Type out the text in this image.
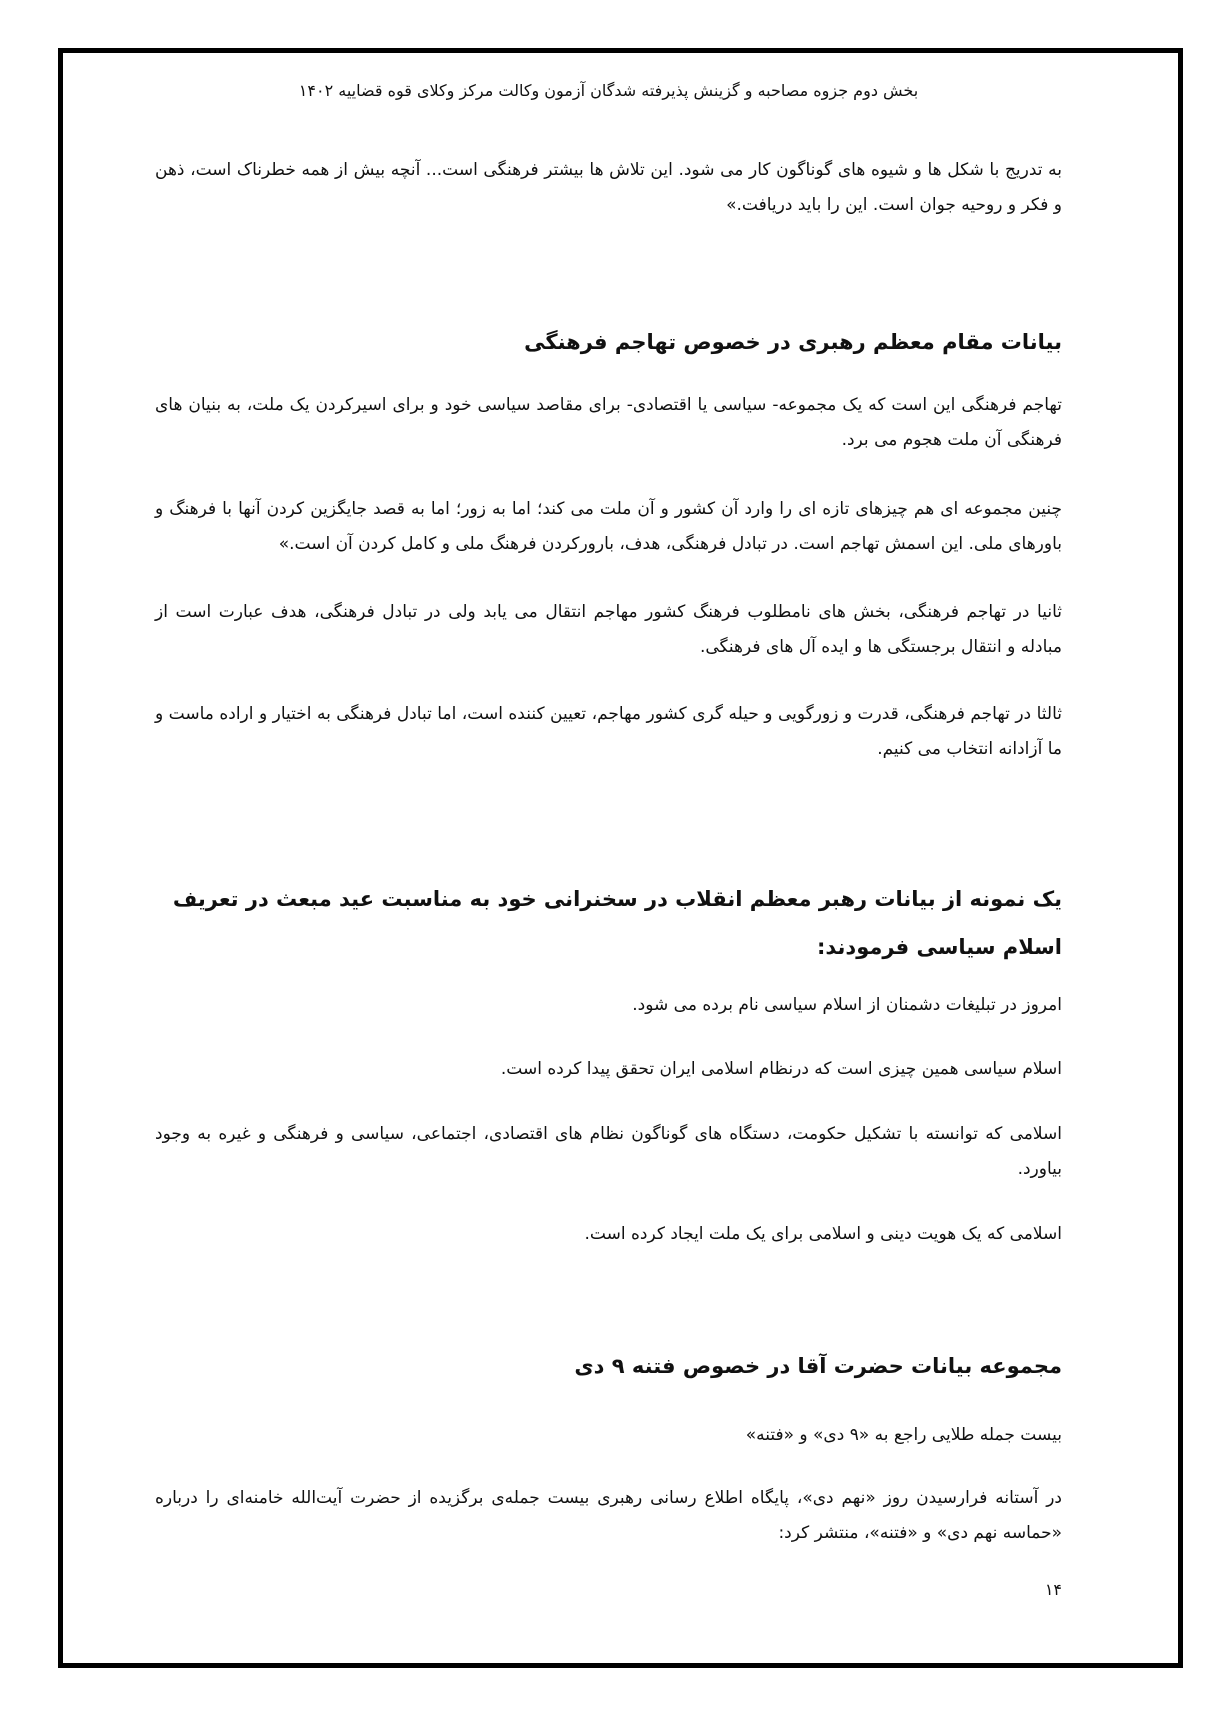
بخش دوم جزوه مصاحبه و گزینش پذیرفته شدگان آزمون وکالت مرکز وکلای قوه قضاییه ۱۴۰۲
به تدریج با شکل ها و شیوه های گوناگون کار می شود. این تلاش ها بیشتر فرهنگی است... آنچه بیش از همه خطرناک است، ذهن و فکر و روحیه جوان است. این را باید دریافت.»
بیانات مقام معظم رهبری در خصوص تهاجم فرهنگی
تهاجم فرهنگی این است که یک مجموعه- سیاسی یا اقتصادی- برای مقاصد سیاسی خود و برای اسیرکردن یک ملت، به بنیان های فرهنگی آن ملت هجوم می برد.
چنین مجموعه ای هم چیزهای تازه ای را وارد آن کشور و آن ملت می کند؛ اما به زور؛ اما به قصد جایگزین کردن آنها با فرهنگ و باورهای ملی. این اسمش تهاجم است. در تبادل فرهنگی، هدف، بارورکردن فرهنگ ملی و کامل کردن آن است.»
ثانیا در تهاجم فرهنگی، بخش های نامطلوب فرهنگ کشور مهاجم انتقال می یابد ولی در تبادل فرهنگی، هدف عبارت است از مبادله و انتقال برجستگی ها و ایده آل های فرهنگی.
ثالثا در تهاجم فرهنگی، قدرت و زورگویی و حیله گری کشور مهاجم، تعیین کننده است، اما تبادل فرهنگی به اختیار و اراده ماست و ما آزادانه انتخاب می کنیم.
یک نمونه از بیانات رهبر معظم انقلاب در سخنرانی خود به مناسبت عید مبعث در تعریف اسلام سیاسی فرمودند:
امروز در تبلیغات دشمنان از اسلام سیاسی نام برده می شود.
اسلام سیاسی همین چیزی است که درنظام اسلامی ایران تحقق پیدا کرده است.
اسلامی که توانسته با تشکیل حکومت، دستگاه های گوناگون نظام های اقتصادی، اجتماعی، سیاسی و فرهنگی و غیره به وجود بیاورد.
اسلامی که یک هویت دینی و اسلامی برای یک ملت ایجاد کرده است.
مجموعه بیانات حضرت آقا در خصوص فتنه ۹ دی
بیست جمله طلایی راجع به «۹ دی» و «فتنه»
در آستانه فرارسیدن روز «نهم دی»، پایگاه اطلاع رسانی رهبری بیست جمله‌ی برگزیده از حضرت آیت‌الله خامنه‌ای را درباره «حماسه نهم دی» و «فتنه»، منتشر کرد:
۱۴
